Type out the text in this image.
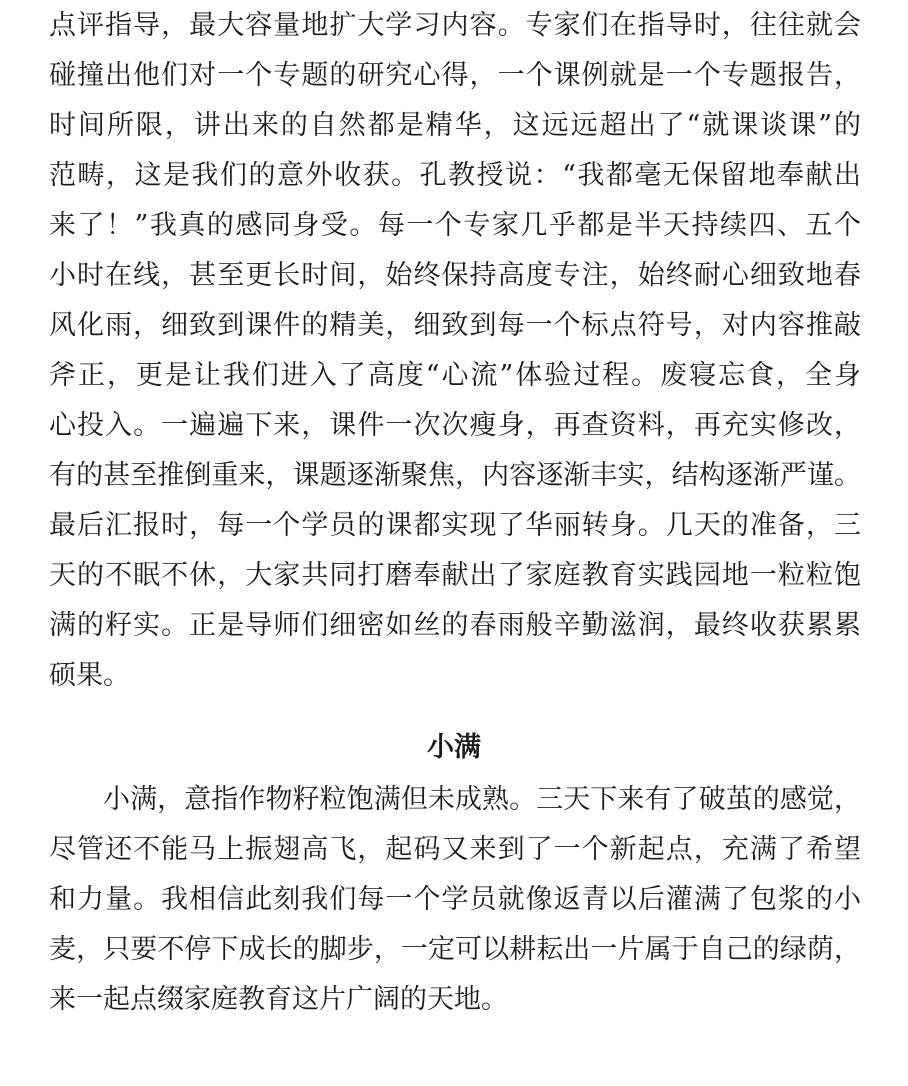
点评指导，最大容量地扩大学习内容。专家们在指导时，往往就会
碰撞出他们对一个专题的研究心得，一个课例就是一个专题报告，
时间所限，讲出来的自然都是精华，这远远超出了“就课谈课”的
范畴，这是我们的意外收获。孔教授说：“我都毫无保留地奉献出
来了！”我真的感同身受。每一个专家几乎都是半天持续四、五个
小时在线，甚至更长时间，始终保持高度专注，始终耐心细致地春
风化雨，细致到课件的精美，细致到每一个标点符号，对内容推敲
斧正，更是让我们进入了高度“心流”体验过程。废寝忘食，全身
心投入。一遍遍下来，课件一次次瘦身，再查资料，再充实修改，
有的甚至推倒重来，课题逐渐聚焦，内容逐渐丰实，结构逐渐严谨。
最后汇报时，每一个学员的课都实现了华丽转身。几天的准备，三
天的不眠不休，大家共同打磨奉献出了家庭教育实践园地一粒粒饱
满的籽实。正是导师们细密如丝的春雨般辛勤滋润，最终收获累累
硕果。
小满
小满，意指作物籽粒饱满但未成熟。三天下来有了破茧的感觉，
尽管还不能马上振翅高飞，起码又来到了一个新起点，充满了希望
和力量。我相信此刻我们每一个学员就像返青以后灌满了包浆的小
麦，只要不停下成长的脚步，一定可以耕耘出一片属于自己的绿荫，
来一起点缀家庭教育这片广阔的天地。
